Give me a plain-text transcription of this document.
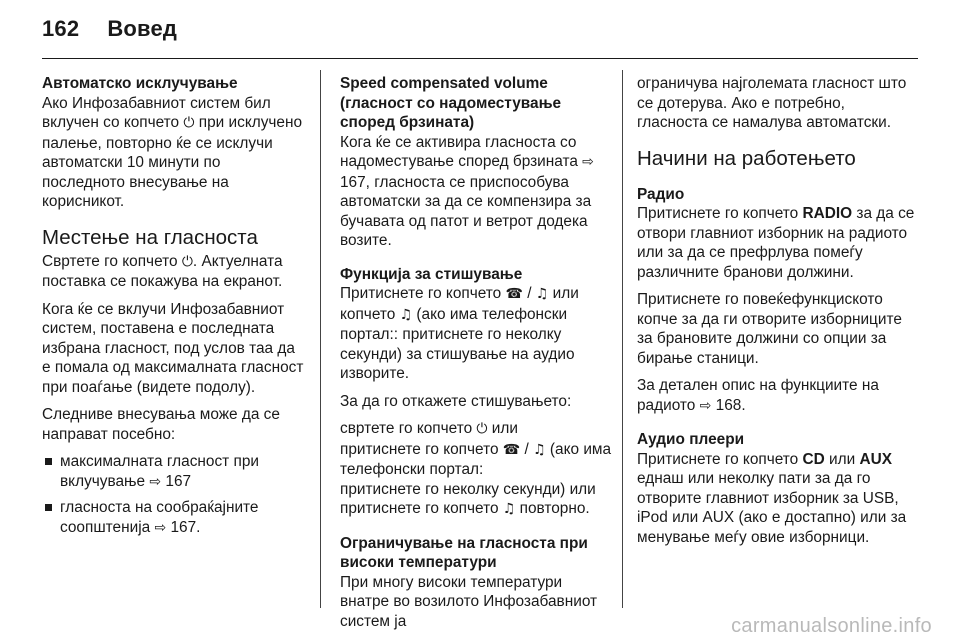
162 Вовед

Автоматско исклучување
Ако Инфозабавниот систем бил вклучен со копчето ⏻ при исклучено палење, повторно ќе се исклучи автоматски 10 минути по последното внесување на корисникот.

Местење на гласноста

Свртете го копчето ⏻. Актуелната поставка се покажува на екранот.

Кога ќе се вклучи Инфозабавниот систем, поставена е последната избрана гласност, под услов таа да е помала од максималната гласност при поаѓање (видете подолу).

Следниве внесувања може да се направат посебно:

максималната гласност при вклучување ⇨ 167
гласноста на сообраќајните соопштенија ⇨ 167.

Speed compensated volume (гласност со надоместување според брзината)
Кога ќе се активира гласноста со надоместување според брзината ⇨ 167, гласноста се приспособува автоматски за да се компензира за бучавата од патот и ветрот додека возите.

Функција за стишување
Притиснете го копчето ☎ / ♫ или копчето ♫ (ако има телефонски портал:: притиснете го неколку секунди) за стишување на аудио изворите.

За да го откажете стишувањето:

свртете го копчето ⏻ или
притиснете го копчето ☎ / ♫ (ако има телефонски портал:
притиснете го неколку секунди) или притиснете го копчето ♫ повторно.

Ограничување на гласноста при високи температури
При многу високи температури внатре во возилото Инфозабавниот систем ја

ограничува најголемата гласност што се дотерува. Ако е потребно, гласноста се намалува автоматски.

Начини на работењето

Радио
Притиснете го копчето RADIO за да се отвори главниот изборник на радиото или за да се префрлува помеѓу различните бранови должини.

Притиснете го повеќефункциското копче за да ги отворите изборниците за брановите должини со опции за бирање станици.

За детален опис на функциите на радиото ⇨ 168.

Аудио плеери
Притиснете го копчето CD или AUX еднаш или неколку пати за да го отворите главниот изборник за USB, iPod или AUX (ако е достапно) или за менување меѓу овие изборници.

carmanualsonline.info
